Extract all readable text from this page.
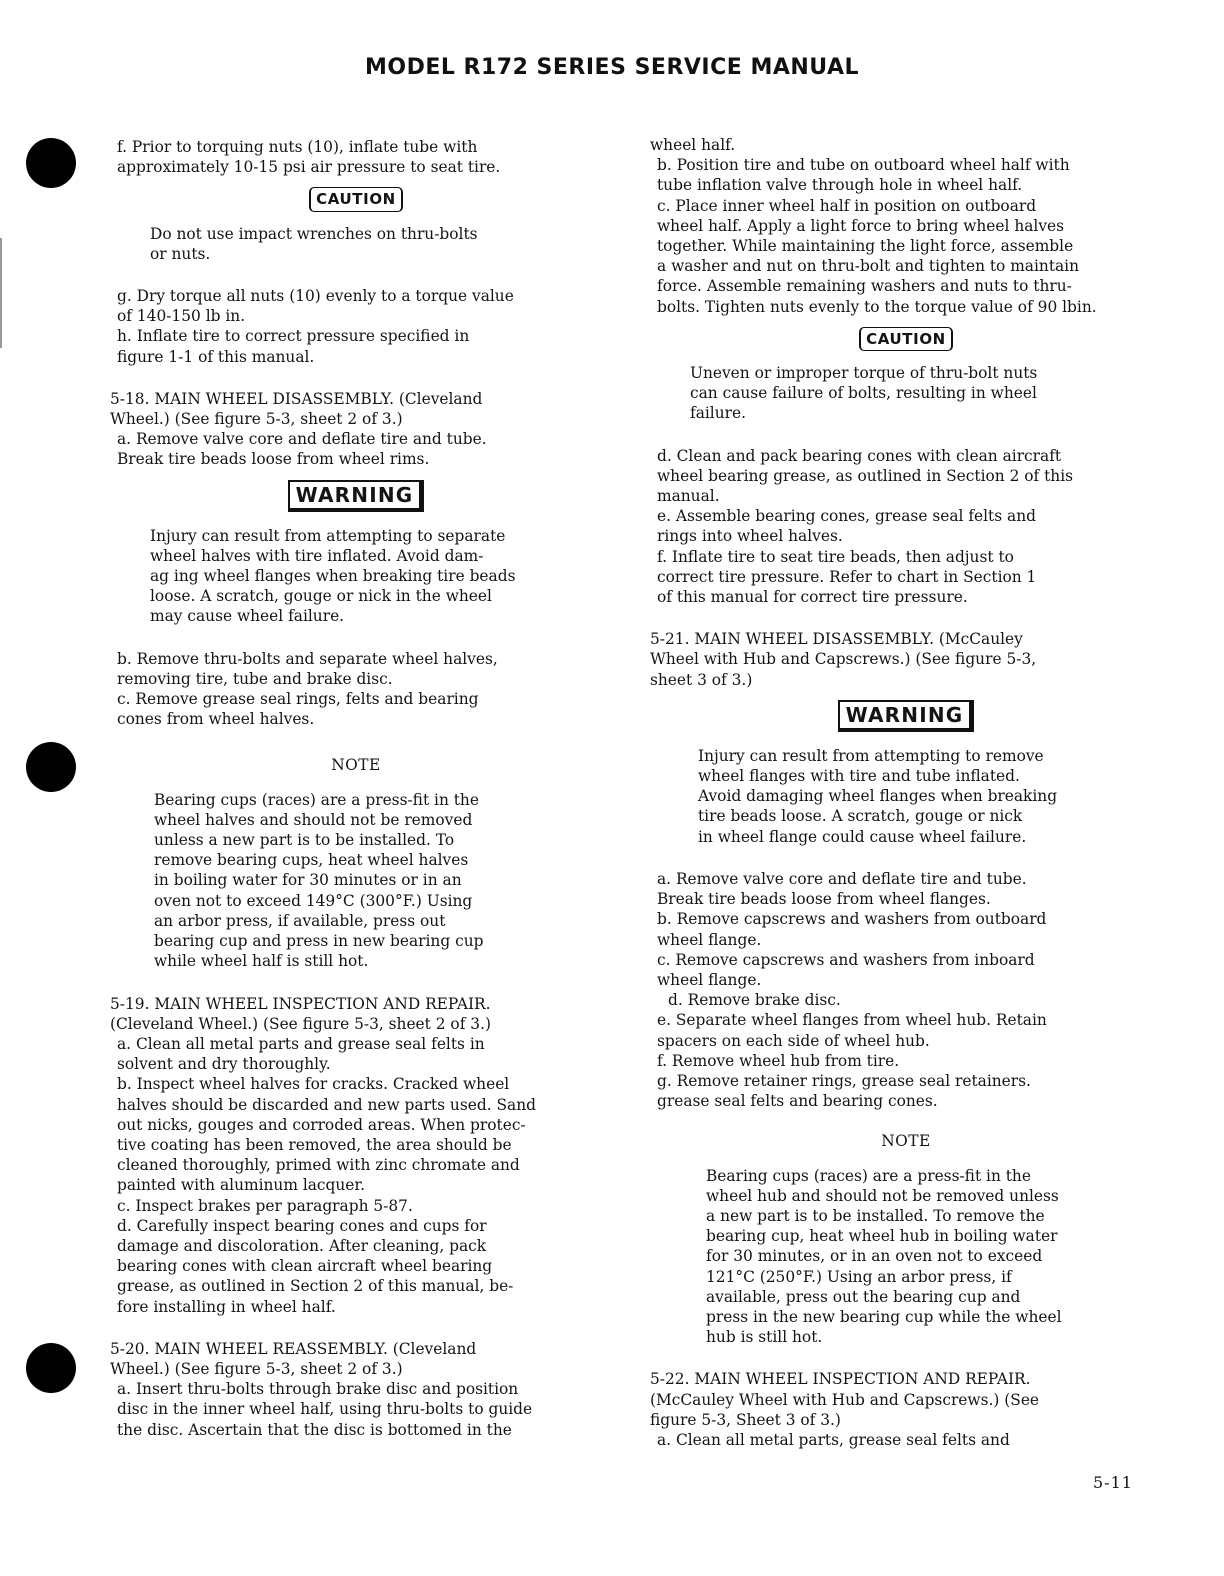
MODEL R172 SERIES SERVICE MANUAL

f. Prior to torquing nuts (10), inflate tube with

approximately 10-15 psi air pressure to seat tire.

CAUTION

Do not use impact wrenches on thru-bolts

or nuts.

g. Dry torque all nuts (10) evenly to a torque value

of 140-150 lb in.

h. Inflate tire to correct pressure specified in

figure 1-1 of this manual.

5-18. MAIN WHEEL DISASSEMBLY. (Cleveland

Wheel.) (See figure 5-3, sheet 2 of 3.)

a. Remove valve core and deflate tire and tube.

Break tire beads loose from wheel rims.

WARNING

Injury can result from attempting to separate

wheel halves with tire inflated. Avoid dam-

ag ing wheel flanges when breaking tire beads

loose. A scratch, gouge or nick in the wheel

may cause wheel failure.

b. Remove thru-bolts and separate wheel halves,

removing tire, tube and brake disc.

c. Remove grease seal rings, felts and bearing

cones from wheel halves.

NOTE

Bearing cups (races) are a press-fit in the

wheel halves and should not be removed

unless a new part is to be installed. To

remove bearing cups, heat wheel halves

in boiling water for 30 minutes or in an

oven not to exceed 149°C (300°F.) Using

an arbor press, if available, press out

bearing cup and press in new bearing cup

while wheel half is still hot.

5-19. MAIN WHEEL INSPECTION AND REPAIR.

(Cleveland Wheel.) (See figure 5-3, sheet 2 of 3.)

a. Clean all metal parts and grease seal felts in

solvent and dry thoroughly.

b. Inspect wheel halves for cracks. Cracked wheel

halves should be discarded and new parts used. Sand

out nicks, gouges and corroded areas. When protec-

tive coating has been removed, the area should be

cleaned thoroughly, primed with zinc chromate and

painted with aluminum lacquer.

c. Inspect brakes per paragraph 5-87.

d. Carefully inspect bearing cones and cups for

damage and discoloration. After cleaning, pack

bearing cones with clean aircraft wheel bearing

grease, as outlined in Section 2 of this manual, be-

fore installing in wheel half.

5-20. MAIN WHEEL REASSEMBLY. (Cleveland

Wheel.) (See figure 5-3, sheet 2 of 3.)

a. Insert thru-bolts through brake disc and position

disc in the inner wheel half, using thru-bolts to guide

the disc. Ascertain that the disc is bottomed in the

wheel half.

b. Position tire and tube on outboard wheel half with

tube inflation valve through hole in wheel half.

c. Place inner wheel half in position on outboard

wheel half. Apply a light force to bring wheel halves

together. While maintaining the light force, assemble

a washer and nut on thru-bolt and tighten to maintain

force. Assemble remaining washers and nuts to thru-

bolts. Tighten nuts evenly to the torque value of 90 lbin.

CAUTION

Uneven or improper torque of thru-bolt nuts

can cause failure of bolts, resulting in wheel

failure.

d. Clean and pack bearing cones with clean aircraft

wheel bearing grease, as outlined in Section 2 of this

manual.

e. Assemble bearing cones, grease seal felts and

rings into wheel halves.

f. Inflate tire to seat tire beads, then adjust to

correct tire pressure. Refer to chart in Section 1

of this manual for correct tire pressure.

5-21. MAIN WHEEL DISASSEMBLY. (McCauley

Wheel with Hub and Capscrews.) (See figure 5-3,

sheet 3 of 3.)

WARNING

Injury can result from attempting to remove

wheel flanges with tire and tube inflated.

Avoid damaging wheel flanges when breaking

tire beads loose. A scratch, gouge or nick

in wheel flange could cause wheel failure.

a. Remove valve core and deflate tire and tube.

Break tire beads loose from wheel flanges.

b. Remove capscrews and washers from outboard

wheel flange.

c. Remove capscrews and washers from inboard

wheel flange.

d. Remove brake disc.

e. Separate wheel flanges from wheel hub. Retain

spacers on each side of wheel hub.

f. Remove wheel hub from tire.

g. Remove retainer rings, grease seal retainers.

grease seal felts and bearing cones.

NOTE

Bearing cups (races) are a press-fit in the

wheel hub and should not be removed unless

a new part is to be installed. To remove the

bearing cup, heat wheel hub in boiling water

for 30 minutes, or in an oven not to exceed

121°C (250°F.) Using an arbor press, if

available, press out the bearing cup and

press in the new bearing cup while the wheel

hub is still hot.

5-22. MAIN WHEEL INSPECTION AND REPAIR.

(McCauley Wheel with Hub and Capscrews.) (See

figure 5-3, Sheet 3 of 3.)

a. Clean all metal parts, grease seal felts and

5-11
